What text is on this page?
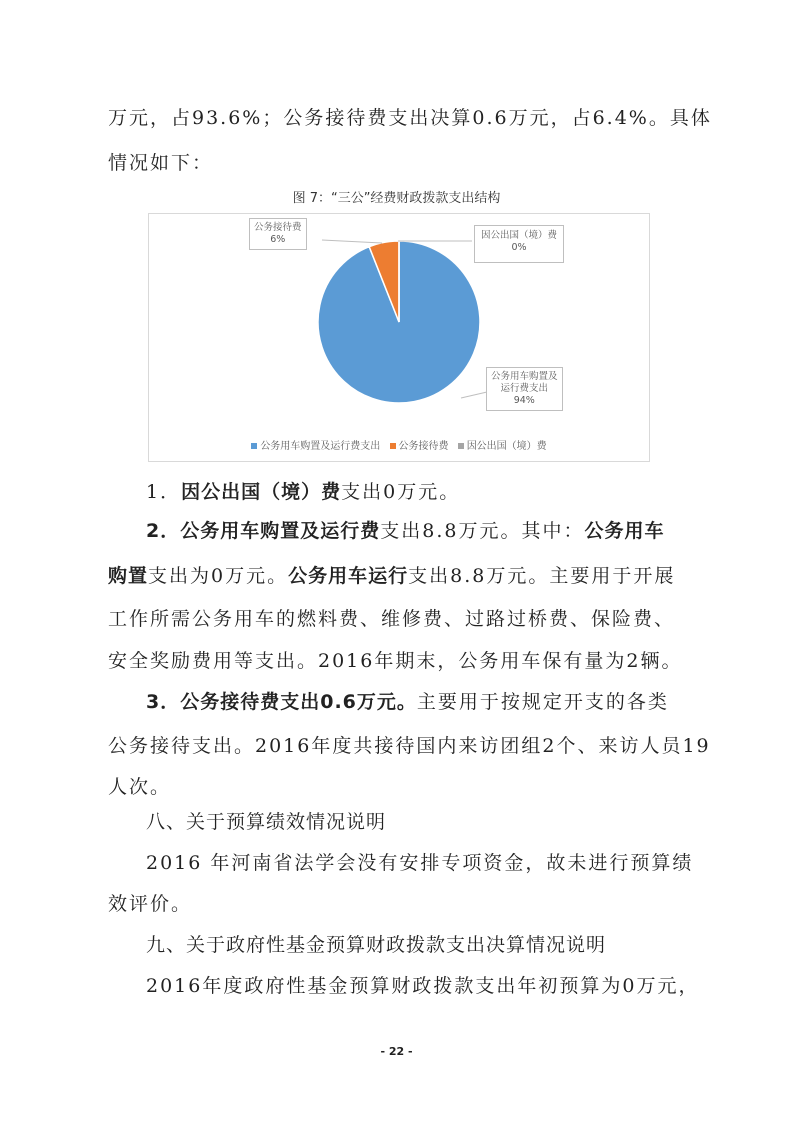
万元，占93.6%；公务接待费支出决算0.6万元，占6.4%。具体
情况如下：
图 7：“三公”经费财政拨款支出结构
公务接待费
6%	因公出国（境）费
0%
公务用车购置及
运行费支出
94%
公务用车购置及运行费支出 公务接待费 因公出国（境）费
1．因公出国（境）费支出0万元。
2．公务用车购置及运行费支出8.8万元。其中：公务用车
购置支出为0万元。公务用车运行支出8.8万元。主要用于开展
工作所需公务用车的燃料费、维修费、过路过桥费、保险费、
安全奖励费用等支出。2016年期末，公务用车保有量为2辆。
3．公务接待费支出0.6万元。主要用于按规定开支的各类
公务接待支出。2016年度共接待国内来访团组2个、来访人员19
人次。
八、关于预算绩效情况说明
2016 年河南省法学会没有安排专项资金，故未进行预算绩
效评价。
九、关于政府性基金预算财政拨款支出决算情况说明
2016年度政府性基金预算财政拨款支出年初预算为0万元，
- 22 -
